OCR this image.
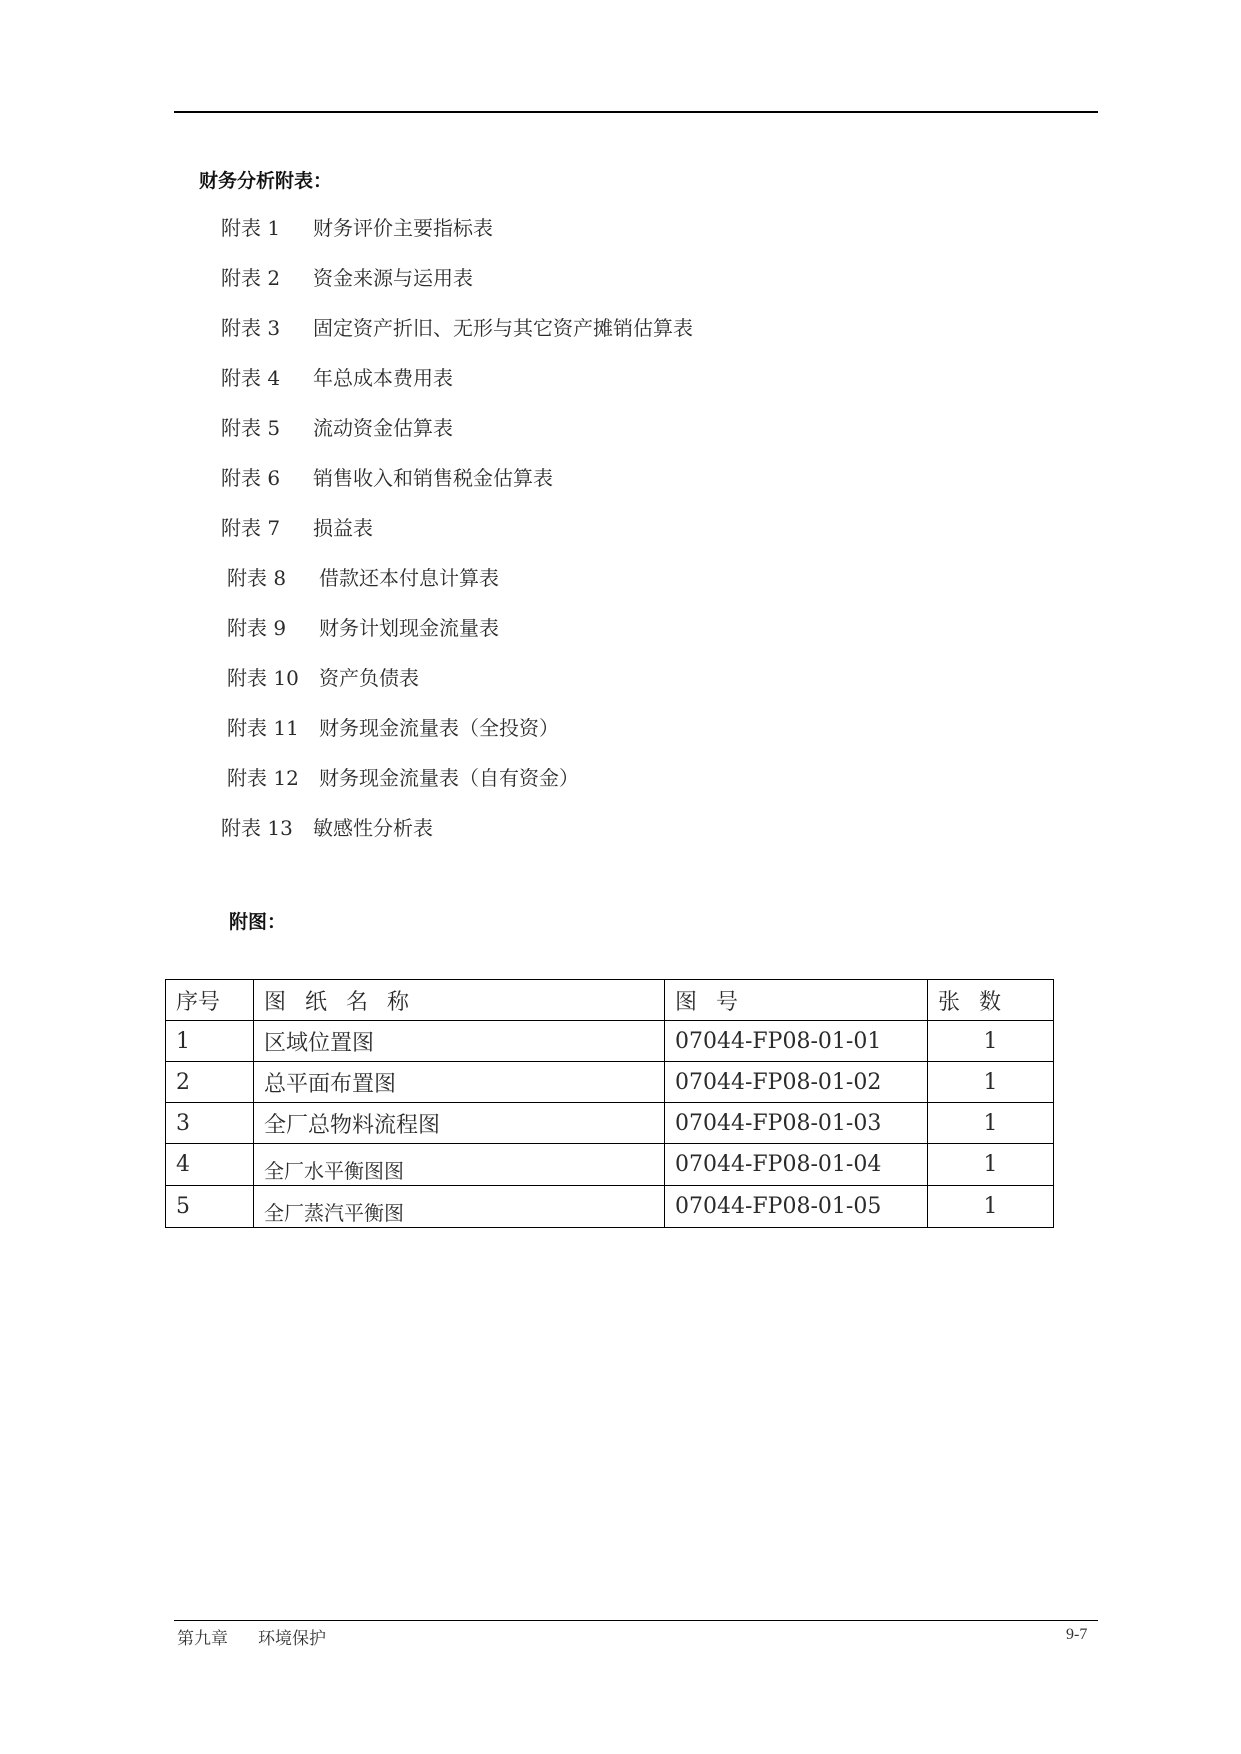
财务分析附表：
附表 1 财务评价主要指标表
附表 2 资金来源与运用表
附表 3 固定资产折旧、无形与其它资产摊销估算表
附表 4 年总成本费用表
附表 5 流动资金估算表
附表 6 销售收入和销售税金估算表
附表 7 损益表
附表 8 借款还本付息计算表
附表 9 财务计划现金流量表
附表 10 资产负债表
附表 11 财务现金流量表（全投资）
附表 12 财务现金流量表（自有资金）
附表 13 敏感性分析表
附图：
序号	图 纸 名 称	图 号	张 数
1	区域位置图	07044-FP08-01-01	1
2	总平面布置图	07044-FP08-01-02	1
3	全厂总物料流程图	07044-FP08-01-03	1
4	全厂水平衡图图	07044-FP08-01-04	1
5	全厂蒸汽平衡图	07044-FP08-01-05	1
第九章 环境保护	9-7
